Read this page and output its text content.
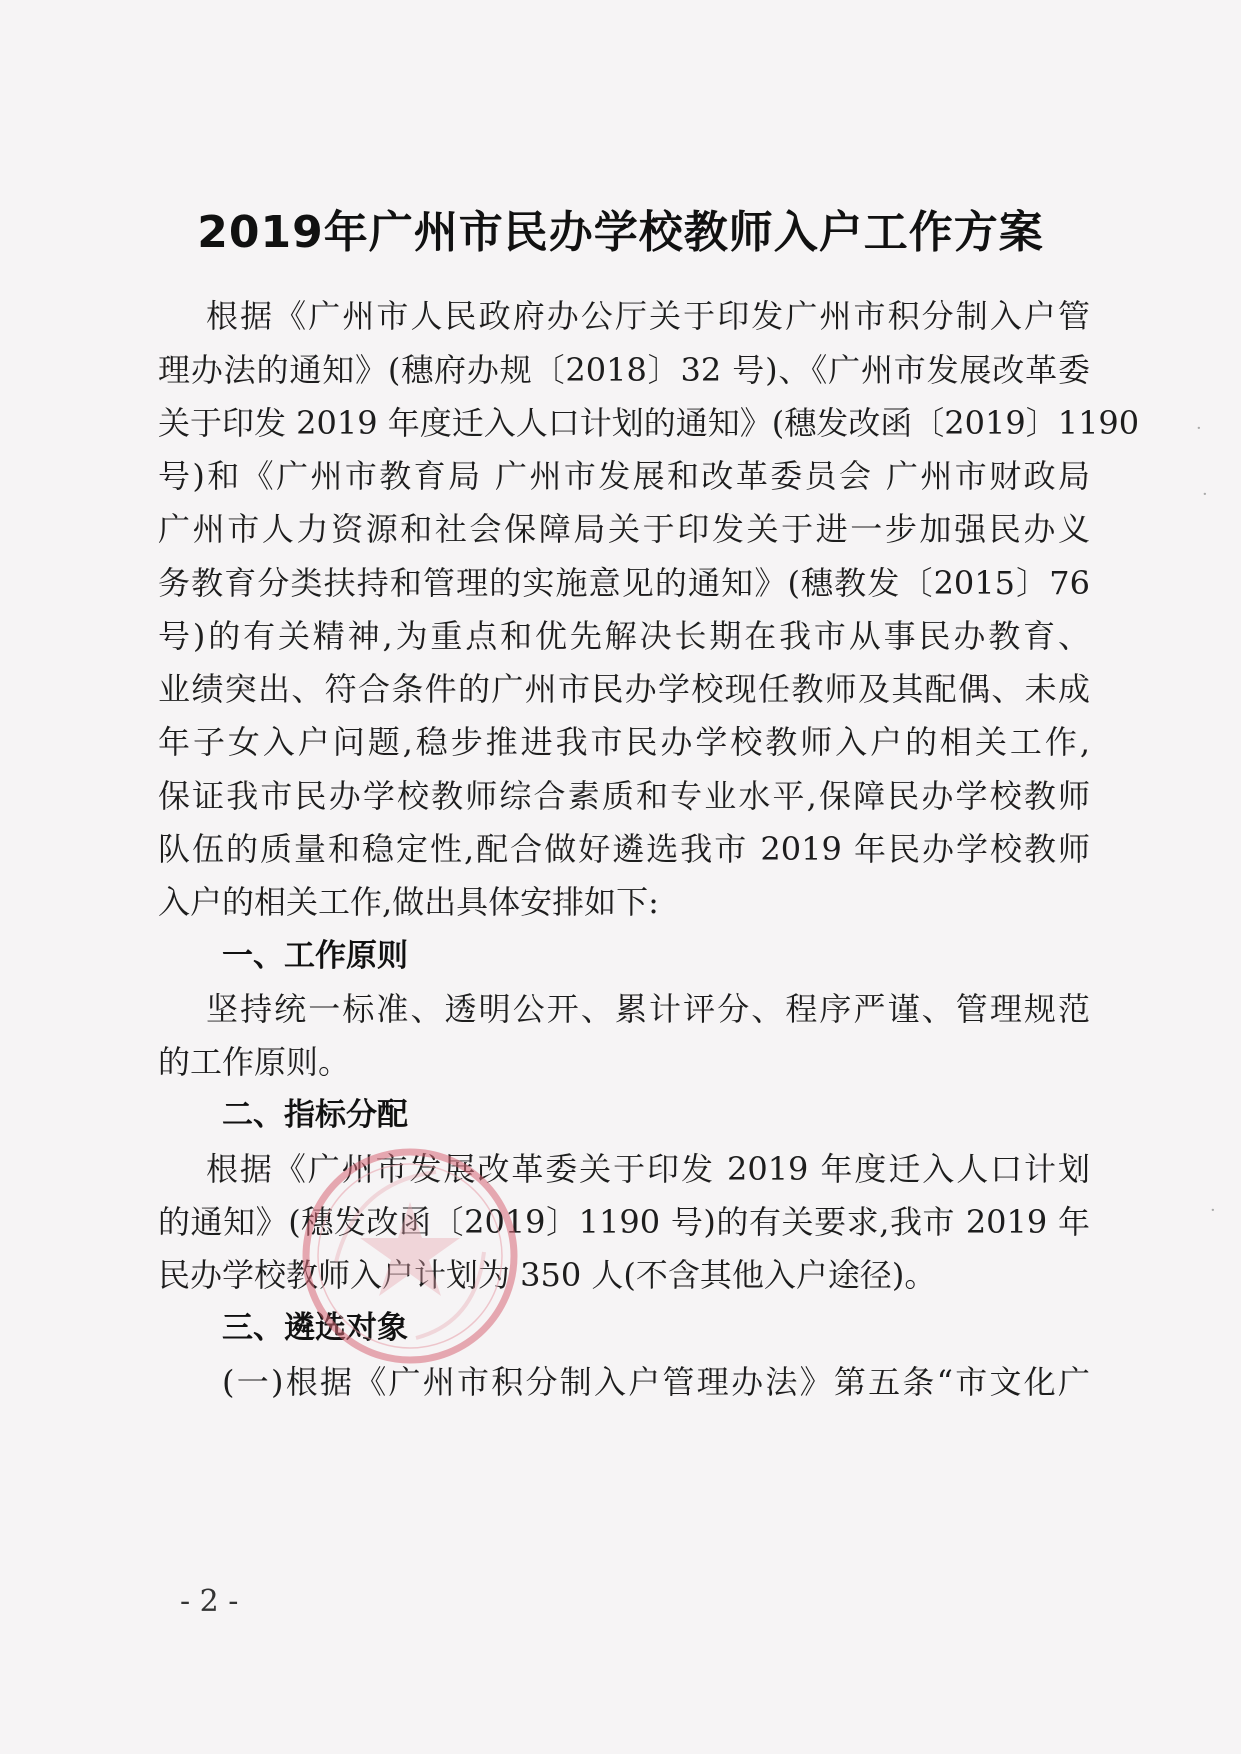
2019年广州市民办学校教师入户工作方案
根据《广州市人民政府办公厅关于印发广州市积分制入户管
理办法的通知》(穗府办规〔2018〕32 号)、《广州市发展改革委
关于印发 2019 年度迁入人口计划的通知》(穗发改函〔2019〕1190
号)和《广州市教育局 广州市发展和改革委员会 广州市财政局
广州市人力资源和社会保障局关于印发关于进一步加强民办义
务教育分类扶持和管理的实施意见的通知》(穗教发〔2015〕76
号)的有关精神,为重点和优先解决长期在我市从事民办教育、
业绩突出、符合条件的广州市民办学校现任教师及其配偶、未成
年子女入户问题,稳步推进我市民办学校教师入户的相关工作,
保证我市民办学校教师综合素质和专业水平,保障民办学校教师
队伍的质量和稳定性,配合做好遴选我市 2019 年民办学校教师
入户的相关工作,做出具体安排如下:
一、工作原则
坚持统一标准、透明公开、累计评分、程序严谨、管理规范
的工作原则。
二、指标分配
根据《广州市发展改革委关于印发 2019 年度迁入人口计划
的通知》(穗发改函〔2019〕1190 号)的有关要求,我市 2019 年
民办学校教师入户计划为 350 人(不含其他入户途径)。
三、遴选对象
(一)根据《广州市积分制入户管理办法》第五条“市文化广
- 2 -
·
·
·
